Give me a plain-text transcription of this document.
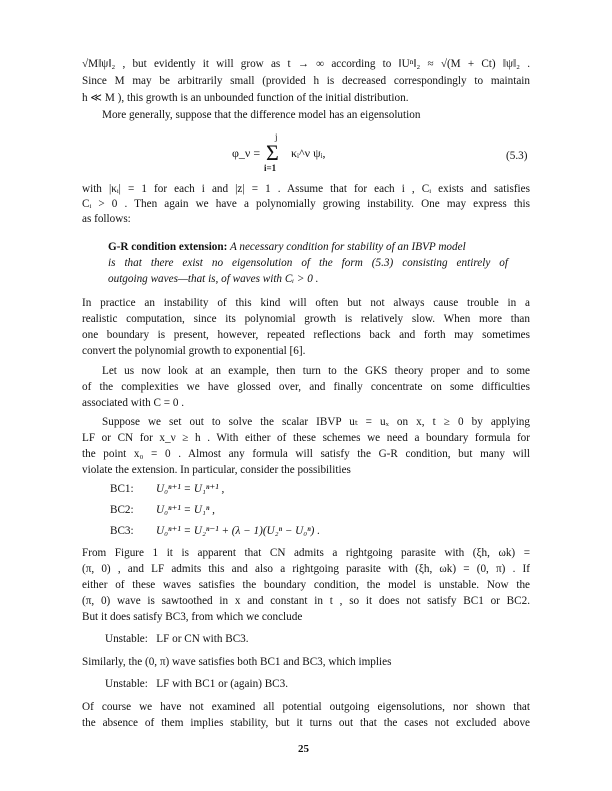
√M‖ψ‖₂ , but evidently it will grow as t → ∞ according to ‖Uⁿ‖₂ ≈ √(M + Ct) ‖ψ‖₂ .
Since M may be arbitrarily small (provided h is decreased correspondingly to maintain
h ≪ M ), this growth is an unbounded function of the initial distribution.
More generally, suppose that the difference model has an eigensolution
φ_ν =
j
Σ
i=1
κᵢ^ν ψᵢ,	(5.3)
with |κᵢ| = 1 for each i and |z| = 1 . Assume that for each i , Cᵢ exists and satisfies
Cᵢ > 0 . Then again we have a polynomially growing instability. One may express this
as follows:
G-R condition extension: A necessary condition for stability of an IBVP model
is that there exist no eigensolution of the form (5.3) consisting entirely of
outgoing waves—that is, of waves with Cᵢ > 0 .
In practice an instability of this kind will often but not always cause trouble in a
realistic computation, since its polynomial growth is relatively slow. When more than
one boundary is present, however, repeated reflections back and forth may sometimes
convert the polynomial growth to exponential [6].
Let us now look at an example, then turn to the GKS theory proper and to some
of the complexities we have glossed over, and finally concentrate on some difficulties
associated with C = 0 .
Suppose we set out to solve the scalar IBVP uₜ = uₓ on x, t ≥ 0 by applying
LF or CN for x_ν ≥ h . With either of these schemes we need a boundary formula for
the point x₀ = 0 . Almost any formula will satisfy the G-R condition, but many will
violate the extension. In particular, consider the possibilities
BC1: U₀ⁿ⁺¹ = U₁ⁿ⁺¹ ,
BC2: U₀ⁿ⁺¹ = U₁ⁿ ,
BC3: U₀ⁿ⁺¹ = U₂ⁿ⁻¹ + (λ − 1)(U₂ⁿ − U₀ⁿ) .
From Figure 1 it is apparent that CN admits a rightgoing parasite with (ξh, ωk) =
(π, 0) , and LF admits this and also a rightgoing parasite with (ξh, ωk) = (0, π) . If
either of these waves satisfies the boundary condition, the model is unstable. Now the
(π, 0) wave is sawtoothed in x and constant in t , so it does not satisfy BC1 or BC2.
But it does satisfy BC3, from which we conclude
Unstable:   LF or CN with BC3.
Similarly, the (0, π) wave satisfies both BC1 and BC3, which implies
Unstable:   LF with BC1 or (again) BC3.
Of course we have not examined all potential outgoing eigensolutions, nor shown that
the absence of them implies stability, but it turns out that the cases not excluded above
25
